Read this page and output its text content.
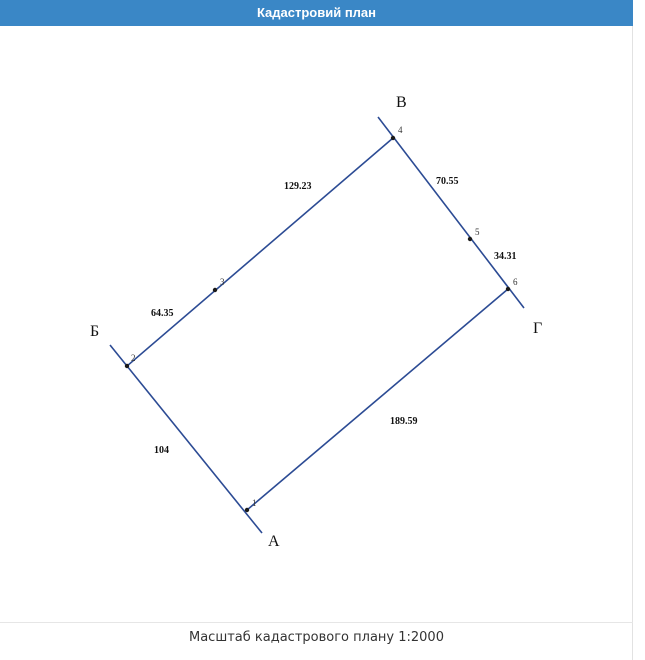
Кадастровий план
1
2
3
4
5
6
А
Б
В
Г
129.23
64.35
70.55
34.31
104
189.59
Масштаб кадастрового плану 1:2000
